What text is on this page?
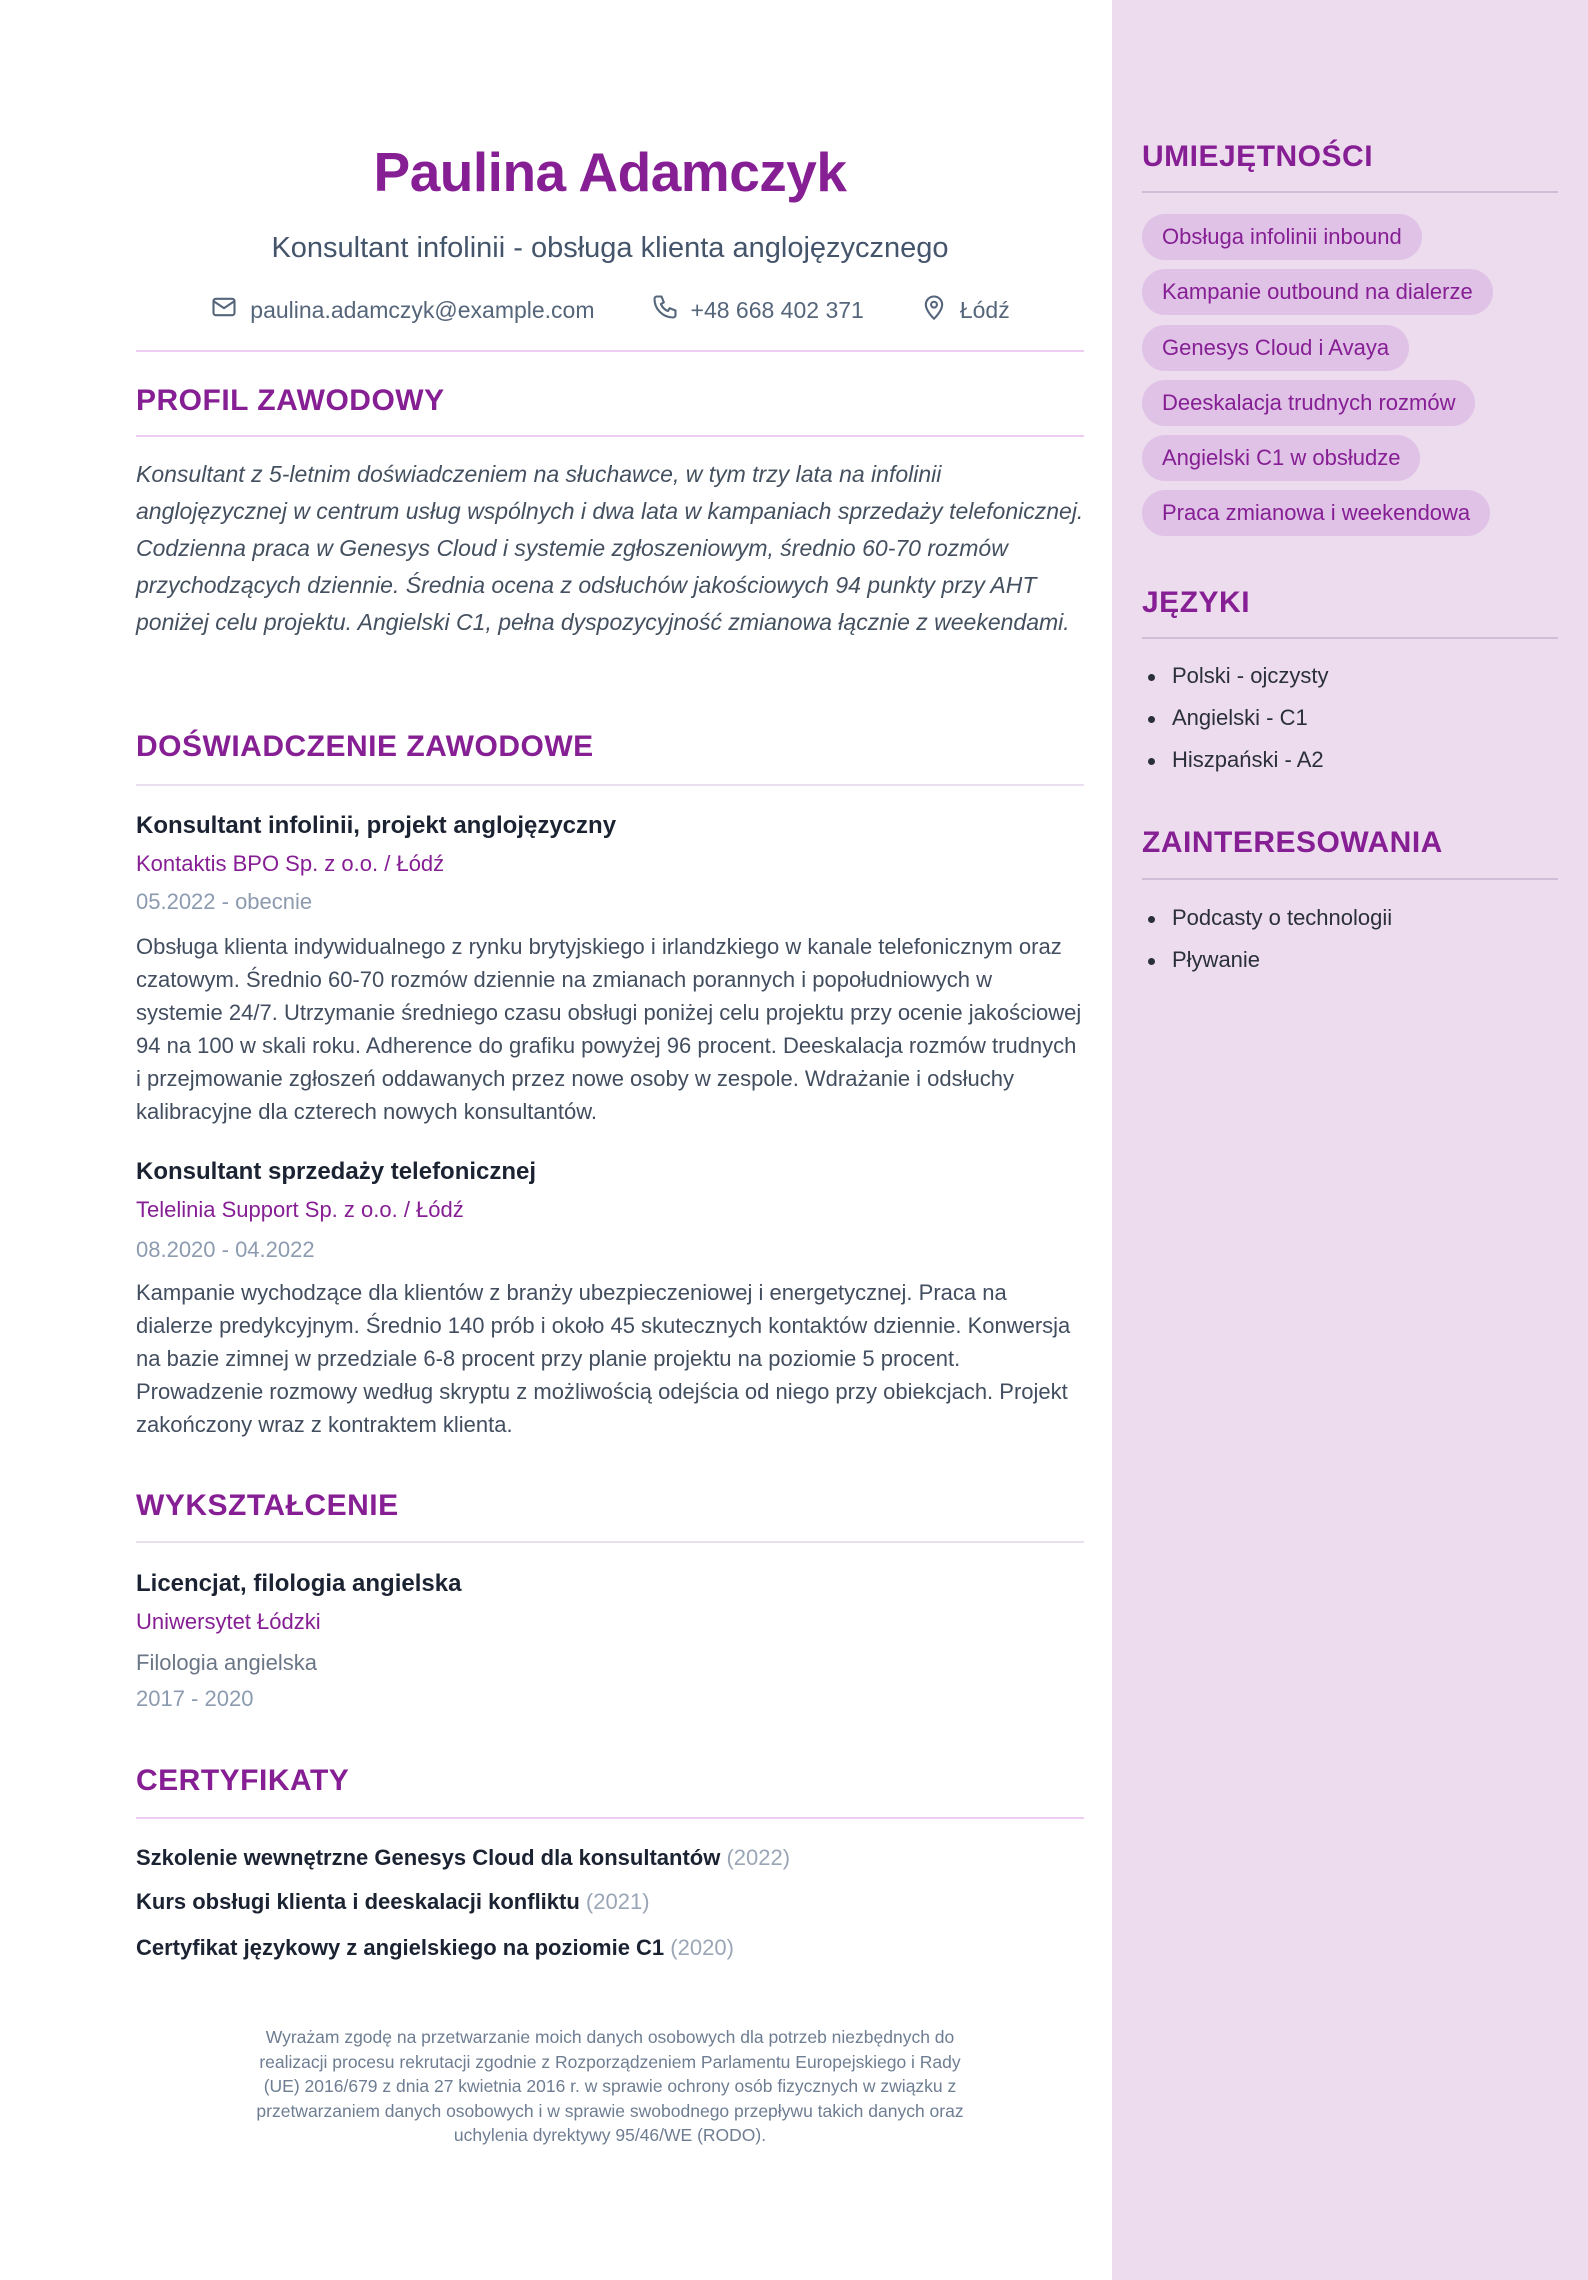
Paulina Adamczyk
Konsultant infolinii - obsługa klienta anglojęzycznego
paulina.adamczyk@example.com	+48 668 402 371	Łódź
PROFIL ZAWODOWY
Konsultant z 5-letnim doświadczeniem na słuchawce, w tym trzy lata na infolinii anglojęzycznej w centrum usług wspólnych i dwa lata w kampaniach sprzedaży telefonicznej. Codzienna praca w Genesys Cloud i systemie zgłoszeniowym, średnio 60-70 rozmów przychodzących dziennie. Średnia ocena z odsłuchów jakościowych 94 punkty przy AHT poniżej celu projektu. Angielski C1, pełna dyspozycyjność zmianowa łącznie z weekendami.
DOŚWIADCZENIE ZAWODOWE
Konsultant infolinii, projekt anglojęzyczny
Kontaktis BPO Sp. z o.o. / Łódź
05.2022 - obecnie
Obsługa klienta indywidualnego z rynku brytyjskiego i irlandzkiego w kanale telefonicznym oraz czatowym. Średnio 60-70 rozmów dziennie na zmianach porannych i popołudniowych w systemie 24/7. Utrzymanie średniego czasu obsługi poniżej celu projektu przy ocenie jakościowej 94 na 100 w skali roku. Adherence do grafiku powyżej 96 procent. Deeskalacja rozmów trudnych i przejmowanie zgłoszeń oddawanych przez nowe osoby w zespole. Wdrażanie i odsłuchy kalibracyjne dla czterech nowych konsultantów.
Konsultant sprzedaży telefonicznej
Telelinia Support Sp. z o.o. / Łódź
08.2020 - 04.2022
Kampanie wychodzące dla klientów z branży ubezpieczeniowej i energetycznej. Praca na dialerze predykcyjnym. Średnio 140 prób i około 45 skutecznych kontaktów dziennie. Konwersja na bazie zimnej w przedziale 6-8 procent przy planie projektu na poziomie 5 procent. Prowadzenie rozmowy według skryptu z możliwością odejścia od niego przy obiekcjach. Projekt zakończony wraz z kontraktem klienta.
WYKSZTAŁCENIE
Licencjat, filologia angielska
Uniwersytet Łódzki
Filologia angielska
2017 - 2020
CERTYFIKATY
Szkolenie wewnętrzne Genesys Cloud dla konsultantów (2022)
Kurs obsługi klienta i deeskalacji konfliktu (2021)
Certyfikat językowy z angielskiego na poziomie C1 (2020)
Wyrażam zgodę na przetwarzanie moich danych osobowych dla potrzeb niezbędnych do realizacji procesu rekrutacji zgodnie z Rozporządzeniem Parlamentu Europejskiego i Rady (UE) 2016/679 z dnia 27 kwietnia 2016 r. w sprawie ochrony osób fizycznych w związku z przetwarzaniem danych osobowych i w sprawie swobodnego przepływu takich danych oraz uchylenia dyrektywy 95/46/WE (RODO).
UMIEJĘTNOŚCI
Obsługa infolinii inbound
Kampanie outbound na dialerze
Genesys Cloud i Avaya
Deeskalacja trudnych rozmów
Angielski C1 w obsłudze
Praca zmianowa i weekendowa
JĘZYKI
Polski - ojczysty
Angielski - C1
Hiszpański - A2
ZAINTERESOWANIA
Podcasty o technologii
Pływanie
